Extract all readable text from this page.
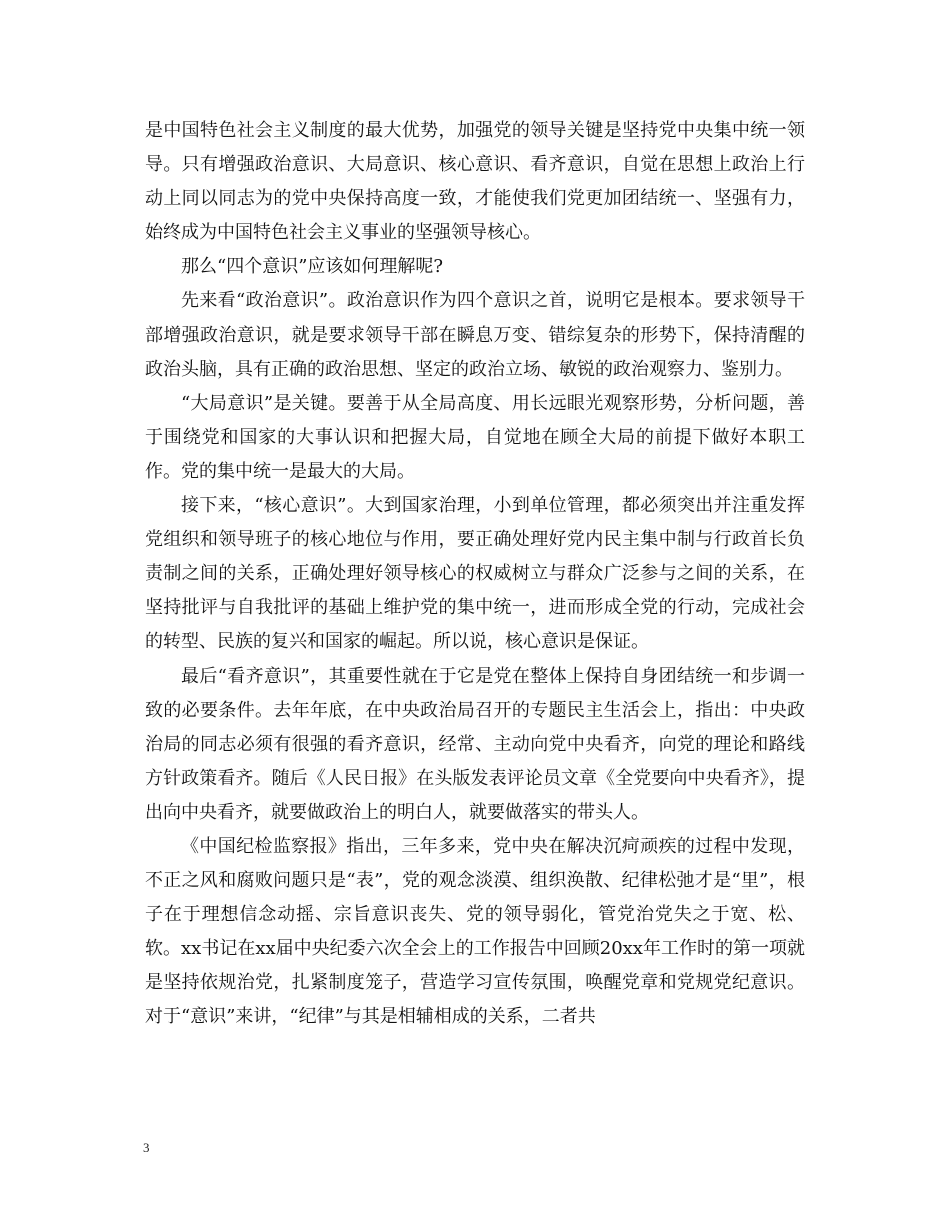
是中国特色社会主义制度的最大优势，加强党的领导关键是坚持党中央集中统一领导。只有增强政治意识、大局意识、核心意识、看齐意识，自觉在思想上政治上行动上同以同志为的党中央保持高度一致，才能使我们党更加团结统一、坚强有力，始终成为中国特色社会主义事业的坚强领导核心。

那么“四个意识”应该如何理解呢?

先来看“政治意识”。政治意识作为四个意识之首，说明它是根本。要求领导干部增强政治意识，就是要求领导干部在瞬息万变、错综复杂的形势下，保持清醒的政治头脑，具有正确的政治思想、坚定的政治立场、敏锐的政治观察力、鉴别力。

“大局意识”是关键。要善于从全局高度、用长远眼光观察形势，分析问题，善于围绕党和国家的大事认识和把握大局，自觉地在顾全大局的前提下做好本职工作。党的集中统一是最大的大局。

接下来，“核心意识”。大到国家治理，小到单位管理，都必须突出并注重发挥党组织和领导班子的核心地位与作用，要正确处理好党内民主集中制与行政首长负责制之间的关系，正确处理好领导核心的权威树立与群众广泛参与之间的关系，在坚持批评与自我批评的基础上维护党的集中统一，进而形成全党的行动，完成社会的转型、民族的复兴和国家的崛起。所以说，核心意识是保证。

最后“看齐意识”，其重要性就在于它是党在整体上保持自身团结统一和步调一致的必要条件。去年年底，在中央政治局召开的专题民主生活会上，指出：中央政治局的同志必须有很强的看齐意识，经常、主动向党中央看齐，向党的理论和路线方针政策看齐。随后《人民日报》在头版发表评论员文章《全党要向中央看齐》，提出向中央看齐，就要做政治上的明白人，就要做落实的带头人。

《中国纪检监察报》指出，三年多来，党中央在解决沉疴顽疾的过程中发现，不正之风和腐败问题只是“表”，党的观念淡漠、组织涣散、纪律松弛才是“里”，根子在于理想信念动摇、宗旨意识丧失、党的领导弱化，管党治党失之于宽、松、软。xx书记在xx届中央纪委六次全会上的工作报告中回顾20xx年工作时的第一项就是坚持依规治党，扎紧制度笼子，营造学习宣传氛围，唤醒党章和党规党纪意识。对于“意识”来讲，“纪律”与其是相辅相成的关系，二者共

3
